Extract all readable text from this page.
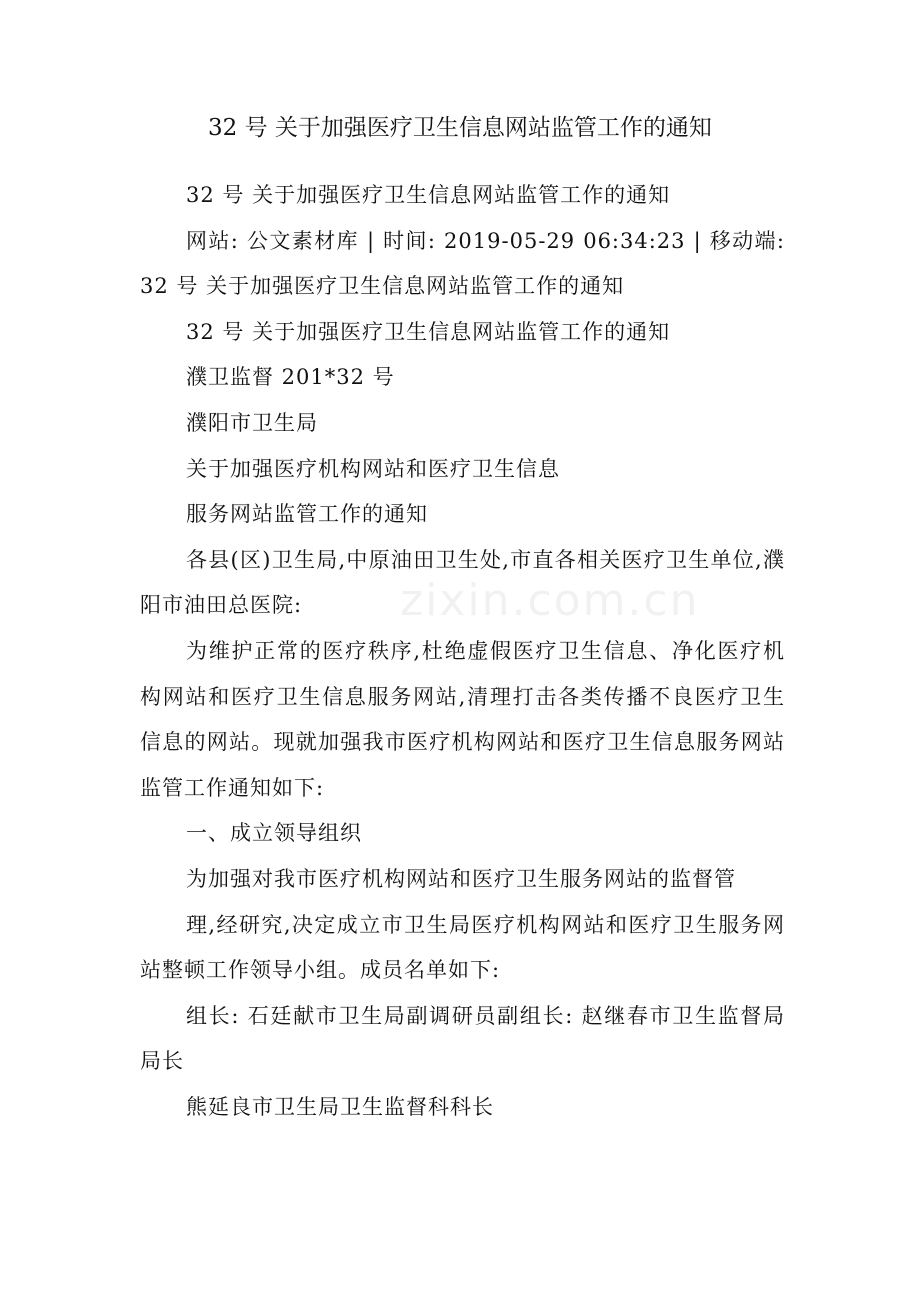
32 号 关于加强医疗卫生信息网站监管工作的通知

32 号 关于加强医疗卫生信息网站监管工作的通知

网站: 公文素材库 | 时间: 2019-05-29 06:34:23 | 移动端: 32 号 关于加强医疗卫生信息网站监管工作的通知

32 号 关于加强医疗卫生信息网站监管工作的通知

濮卫监督 201*32 号

濮阳市卫生局

关于加强医疗机构网站和医疗卫生信息

服务网站监管工作的通知

各县(区)卫生局,中原油田卫生处,市直各相关医疗卫生单位,濮阳市油田总医院:

为维护正常的医疗秩序,杜绝虚假医疗卫生信息、净化医疗机构网站和医疗卫生信息服务网站,清理打击各类传播不良医疗卫生信息的网站。现就加强我市医疗机构网站和医疗卫生信息服务网站监管工作通知如下:

一、成立领导组织

为加强对我市医疗机构网站和医疗卫生服务网站的监督管

理,经研究,决定成立市卫生局医疗机构网站和医疗卫生服务网站整顿工作领导小组。成员名单如下:

组长: 石廷献市卫生局副调研员副组长: 赵继春市卫生监督局局长

熊延良市卫生局卫生监督科科长

zixin.com.cn
